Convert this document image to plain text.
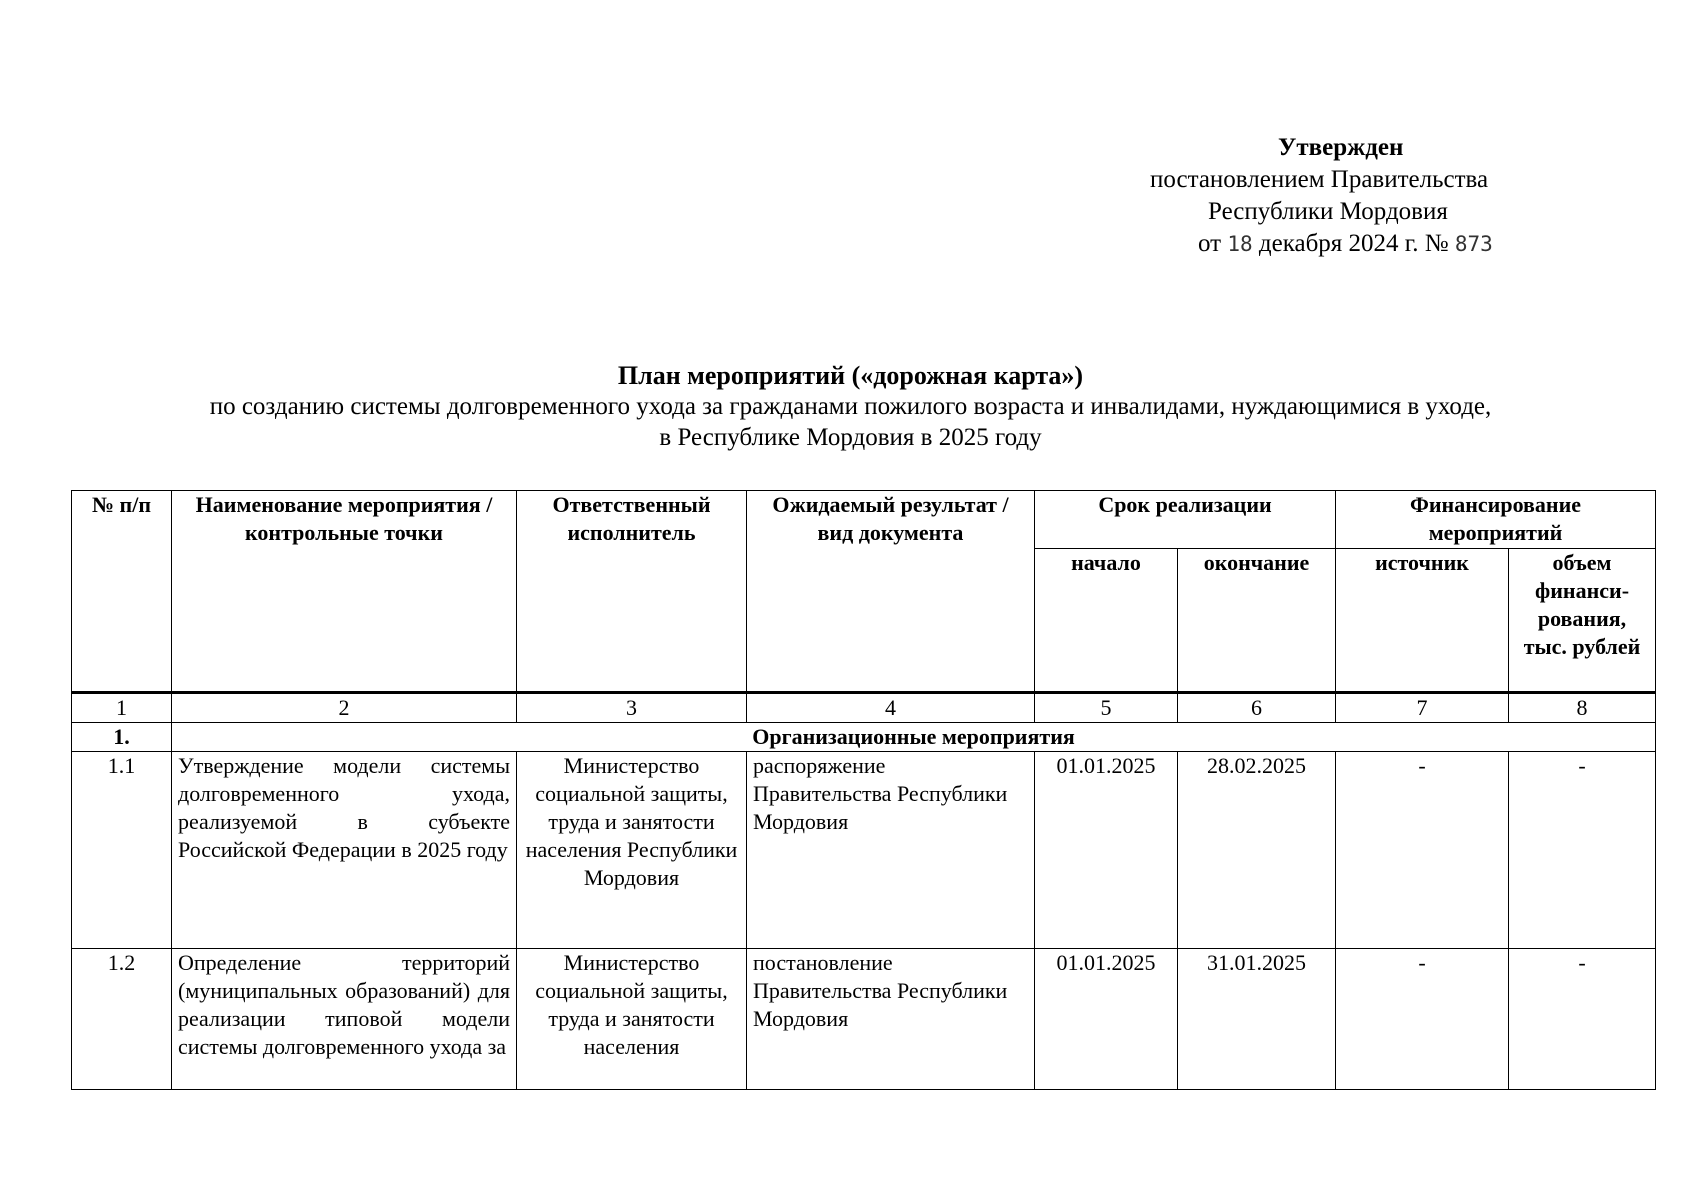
Утвержден
постановлением Правительства
Республики Мордовия
от 18 декабря 2024 г. № 873
План мероприятий («дорожная карта»)
по созданию системы долговременного ухода за гражданами пожилого возраста и инвалидами, нуждающимися в уходе,
в Республике Мордовия в 2025 году
№ п/п	Наименование мероприятия / контрольные точки	Ответственный исполнитель	Ожидаемый результат / вид документа	Срок реализации		Финансирование мероприятий	
				начало	окончание	источник	объем финанси-рования, тыс. рублей
1	2	3	4	5	6	7	8
1.	Организационные мероприятия						
1.1	Утверждение модели системы долговременного ухода, реализуемой в субъекте Российской Федерации в 2025 году	Министерство социальной защиты, труда и занятости населения Республики Мордовия	распоряжение Правительства Республики Мордовия	01.01.2025	28.02.2025	-	-
1.2	Определение территорий (муниципальных образований) для реализации типовой модели системы долговременного ухода за	Министерство социальной защиты, труда и занятости населения	постановление Правительства Республики Мордовия	01.01.2025	31.01.2025	-	-
